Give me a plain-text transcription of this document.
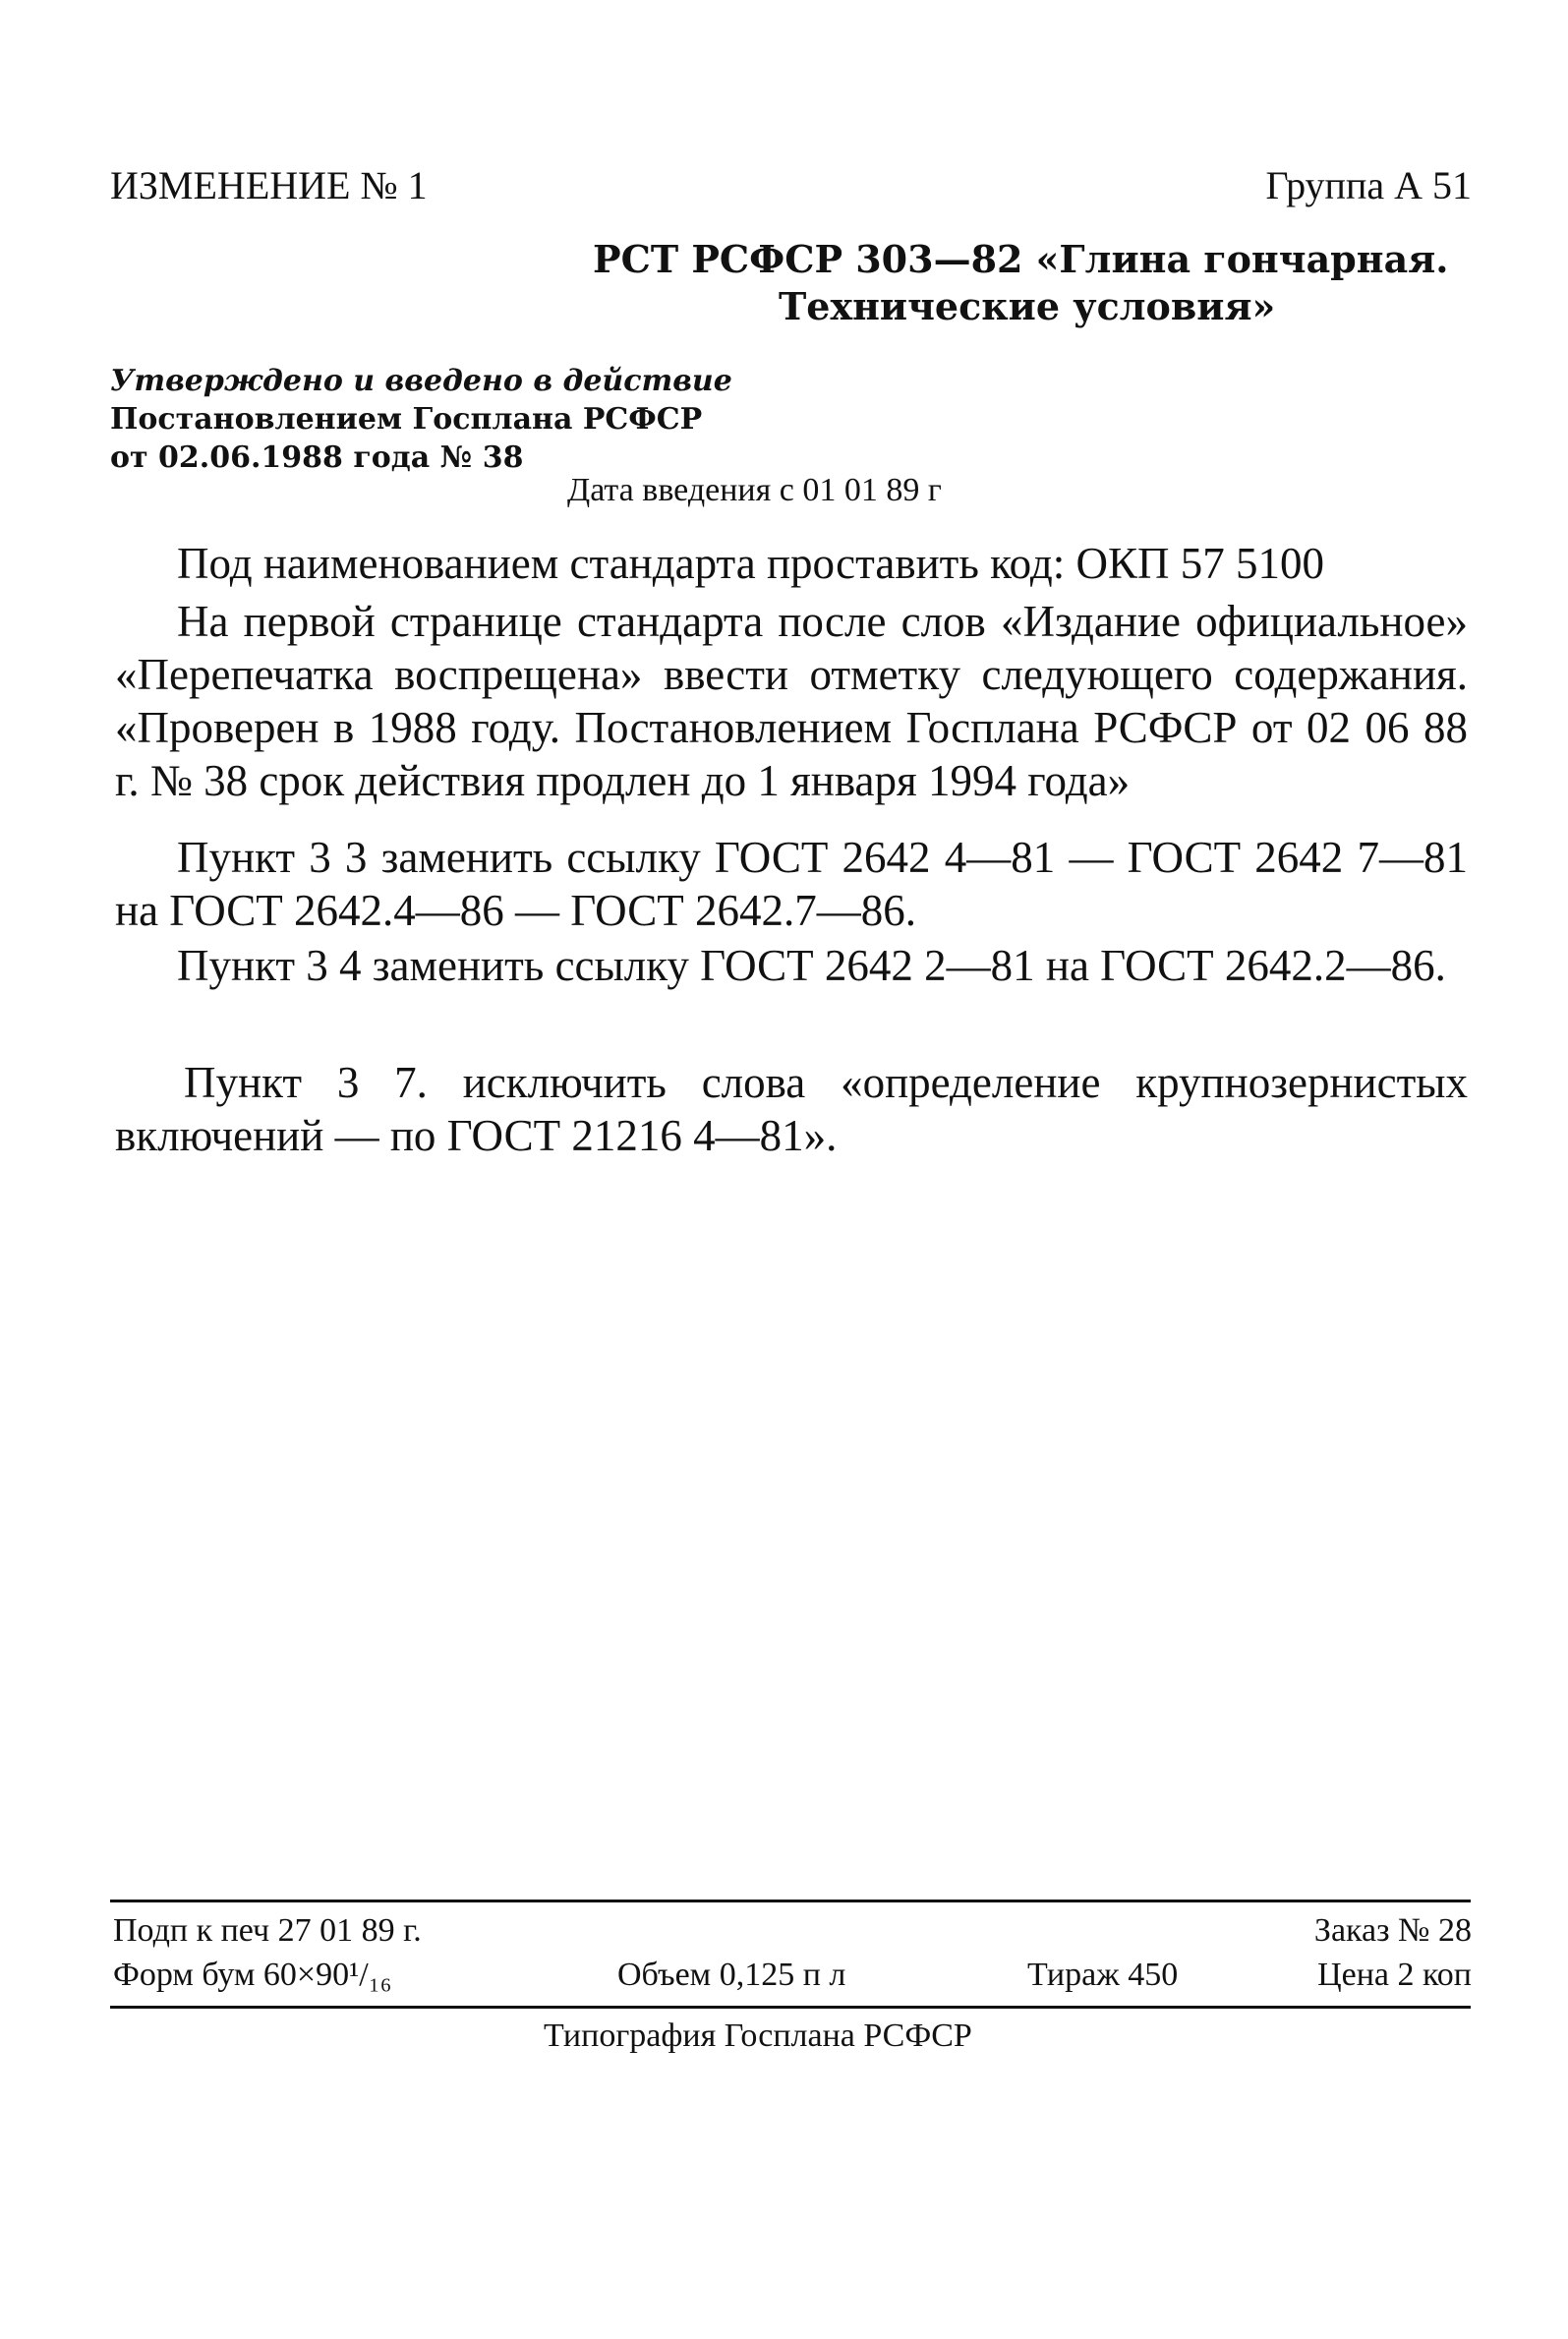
ИЗМЕНЕНИЕ № 1	Группа А 51
РСТ РСФСР 303—82 «Глина гончарная.
Технические условия»
Утверждено и введено в действие
Постановлением Госплана РСФСР
от 02.06.1988 года № 38
Дата введения с 01 01 89 г
Под наименованием стандарта проставить код: ОКП 57 5100
На первой странице стандарта после слов «Издание официальное» «Перепечатка воспрещена» ввести отметку следующего содержания. «Проверен в 1988 году. Постановлением Госплана РСФСР от 02 06 88 г. № 38 срок действия продлен до 1 января 1994 года»
Пункт 3 3 заменить ссылку ГОСТ 2642 4—81 — ГОСТ 2642 7—81 на ГОСТ 2642.4—86 — ГОСТ 2642.7—86.
Пункт 3 4 заменить ссылку ГОСТ 2642 2—81 на ГОСТ 2642.2—86.
Пункт 3 7. исключить слова «определение крупнозернистых включений — по ГОСТ 21216 4—81».
Подп к печ 27 01 89 г.	Заказ № 28
Форм бум 60×90¹/₁₆	Объем 0,125 п л	Тираж 450	Цена 2 коп
Типография Госплана РСФСР
